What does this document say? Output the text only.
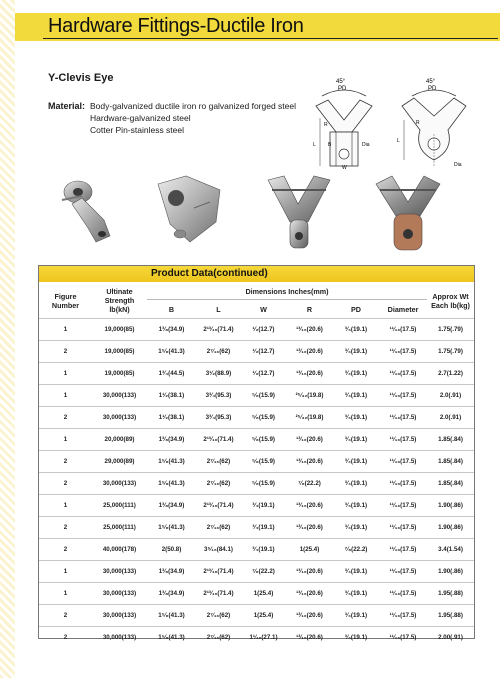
Hardware Fittings-Ductile Iron
Y-Clevis Eye
Material: Body-galvanized ductile iron ro galvanized forged steel
Hardware-galvanized steel
Cotter Pin-stainless steel
45°
PD
R
L
W
B	Dia
45°
PD
R
L
Dia
Product Data(continued)
Figure Number	Ultinate Strength lb(kN)	Dimensions Inches(mm)						Approx Wt Each lb(kg)
		B	L	W	R	PD	Diameter	
1	19,000(85)	1³⁄₈(34.9)	2¹³⁄₁₆(71.4)	¹⁄₂(12.7)	¹³⁄₁₆(20.6)	³⁄₄(19.1)	¹¹⁄₁₆(17.5)	1.75(.79)
2	19,000(85)	1⁵⁄₈(41.3)	2⁷⁄₁₆(62)	¹⁄₂(12.7)	¹³⁄₁₆(20.6)	³⁄₄(19.1)	¹¹⁄₁₆(17.5)	1.75(.79)
1	19,000(85)	1³⁄₄(44.5)	3¹⁄₂(88.9)	¹⁄₂(12.7)	¹³⁄₁₆(20.6)	³⁄₄(19.1)	¹¹⁄₁₆(17.5)	2.7(1.22)
1	30,000(133)	1¹⁄₂(38.1)	3³⁄₄(95.3)	⁵⁄₈(15.9)	²⁵⁄₃₂(19.8)	³⁄₄(19.1)	¹¹⁄₁₆(17.5)	2.0(.91)
2	30,000(133)	1¹⁄₂(38.1)	3³⁄₄(95.3)	⁵⁄₈(15.9)	²⁵⁄₃₂(19.8)	³⁄₄(19.1)	¹¹⁄₁₆(17.5)	2.0(.91)
1	20,000(89)	1³⁄₈(34.9)	2¹³⁄₁₆(71.4)	⁵⁄₈(15.9)	¹³⁄₁₆(20.6)	³⁄₄(19.1)	¹¹⁄₁₆(17.5)	1.85(.84)
2	29,000(89)	1⁵⁄₈(41.3)	2⁷⁄₁₆(62)	⁵⁄₈(15.9)	¹³⁄₁₆(20.6)	³⁄₄(19.1)	¹¹⁄₁₆(17.5)	1.85(.84)
2	30,000(133)	1⁵⁄₈(41.3)	2⁷⁄₁₆(62)	⁵⁄₈(15.9)	⁷⁄₈(22.2)	³⁄₄(19.1)	¹¹⁄₁₆(17.5)	1.85(.84)
1	25,000(111)	1³⁄₈(34.9)	2¹³⁄₁₆(71.4)	³⁄₄(19.1)	¹³⁄₁₆(20.6)	³⁄₄(19.1)	¹¹⁄₁₆(17.5)	1.90(.86)
2	25,000(111)	1⁵⁄₈(41.3)	2⁷⁄₁₆(62)	³⁄₄(19.1)	¹³⁄₁₆(20.6)	³⁄₄(19.1)	¹¹⁄₁₆(17.5)	1.90(.86)
2	40,000(178)	2(50.8)	3⁵⁄₁₆(84.1)	³⁄₄(19.1)	1(25.4)	⁷⁄₈(22.2)	¹¹⁄₁₆(17.5)	3.4(1.54)
1	30,000(133)	1³⁄₈(34.9)	2¹³⁄₁₆(71.4)	⁷⁄₈(22.2)	¹³⁄₁₆(20.6)	³⁄₄(19.1)	¹¹⁄₁₆(17.5)	1.90(.86)
1	30,000(133)	1³⁄₈(34.9)	2¹³⁄₁₆(71.4)	1(25.4)	¹³⁄₁₆(20.6)	³⁄₄(19.1)	¹¹⁄₁₆(17.5)	1.95(.88)
2	30,000(133)	1⁵⁄₈(41.3)	2⁷⁄₁₆(62)	1(25.4)	¹³⁄₁₆(20.6)	³⁄₄(19.1)	¹¹⁄₁₆(17.5)	1.95(.88)
2	30,000(133)	1⁵⁄₈(41.3)	2⁷⁄₁₆(62)	1¹⁄₁₆(27.1)	¹³⁄₁₆(20.6)	³⁄₄(19.1)	¹¹⁄₁₆(17.5)	2.00(.91)
